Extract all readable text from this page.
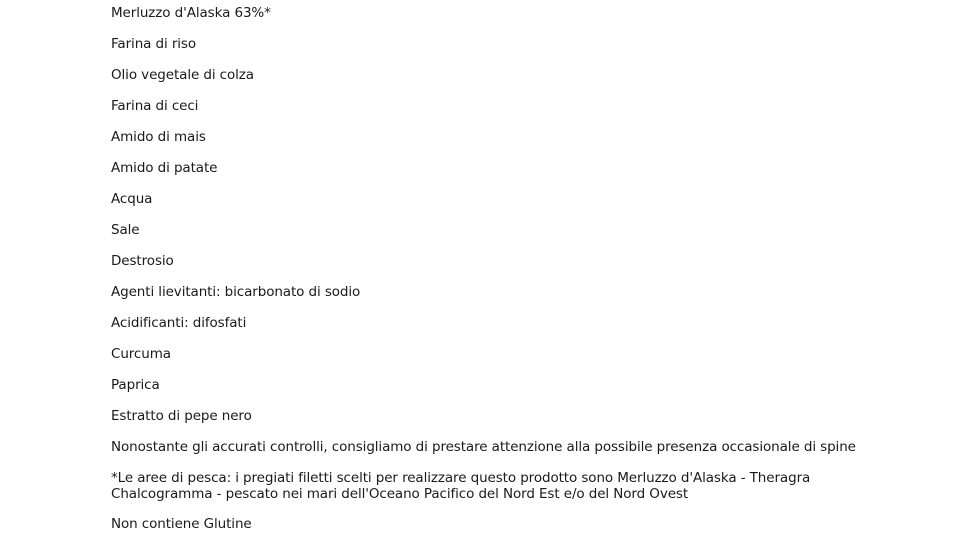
Merluzzo d'Alaska 63%*
Farina di riso
Olio vegetale di colza
Farina di ceci
Amido di mais
Amido di patate
Acqua
Sale
Destrosio
Agenti lievitanti: bicarbonato di sodio
Acidificanti: difosfati
Curcuma
Paprica
Estratto di pepe nero
Nonostante gli accurati controlli, consigliamo di prestare attenzione alla possibile presenza occasionale di spine
*Le aree di pesca: i pregiati filetti scelti per realizzare questo prodotto sono Merluzzo d'Alaska - Theragra Chalcogramma - pescato nei mari dell'Oceano Pacifico del Nord Est e/o del Nord Ovest
Non contiene Glutine
